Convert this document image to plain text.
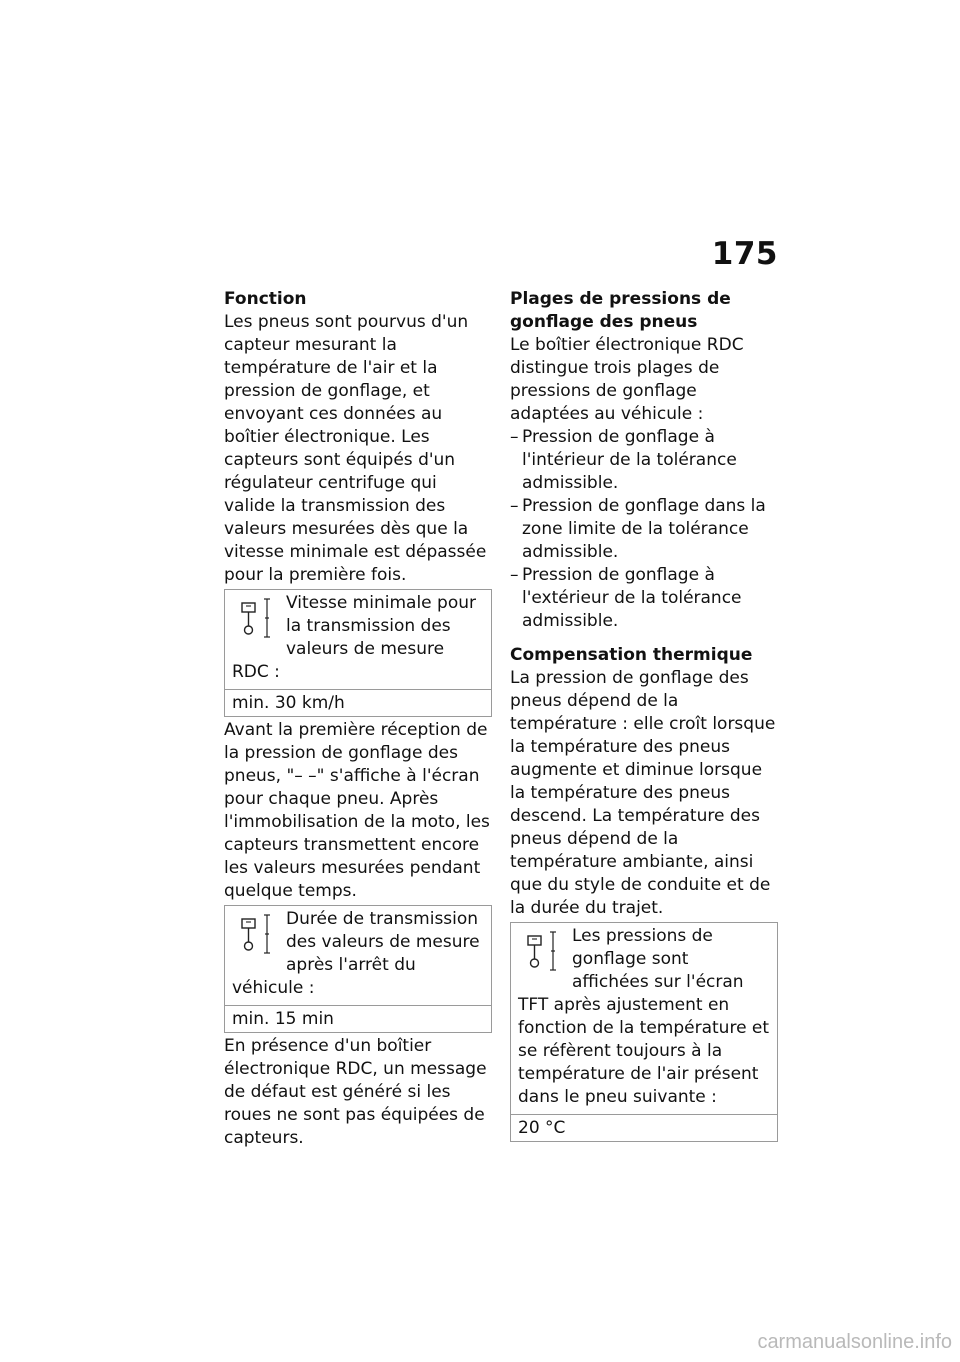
175
Fonction

Les pneus sont pourvus d'un capteur mesurant la température de l'air et la pression de gonflage, et envoyant ces données au boîtier électronique. Les capteurs sont équipés d'un régulateur centrifuge qui valide la transmission des valeurs mesurées dès que la vitesse minimale est dépassée pour la première fois.

Vitesse minimale pour la transmission des valeurs de mesure RDC :
min. 30 km/h

Avant la première réception de la pression de gonflage des pneus, "– –" s'affiche à l'écran pour chaque pneu. Après l'immobilisation de la moto, les capteurs transmettent encore les valeurs mesurées pendant quelque temps.

Durée de transmission des valeurs de mesure après l'arrêt du véhicule :
min. 15 min

En présence d'un boîtier électronique RDC, un message de défaut est généré si les roues ne sont pas équipées de capteurs.

Plages de pressions de gonflage des pneus

Le boîtier électronique RDC distingue trois plages de pressions de gonflage adaptées au véhicule :

– Pression de gonflage à l'intérieur de la tolérance admissible.
– Pression de gonflage dans la zone limite de la tolérance admissible.
– Pression de gonflage à l'extérieur de la tolérance admissible.
Compensation thermique

La pression de gonflage des pneus dépend de la température : elle croît lorsque la température des pneus augmente et diminue lorsque la température des pneus descend. La température des pneus dépend de la température ambiante, ainsi que du style de conduite et de la durée du trajet.

Les pressions de gonflage sont affichées sur l'écran TFT après ajustement en fonction de la température et se réfèrent toujours à la température de l'air présent dans le pneu suivante :
20 °C
carmanualsonline.info
